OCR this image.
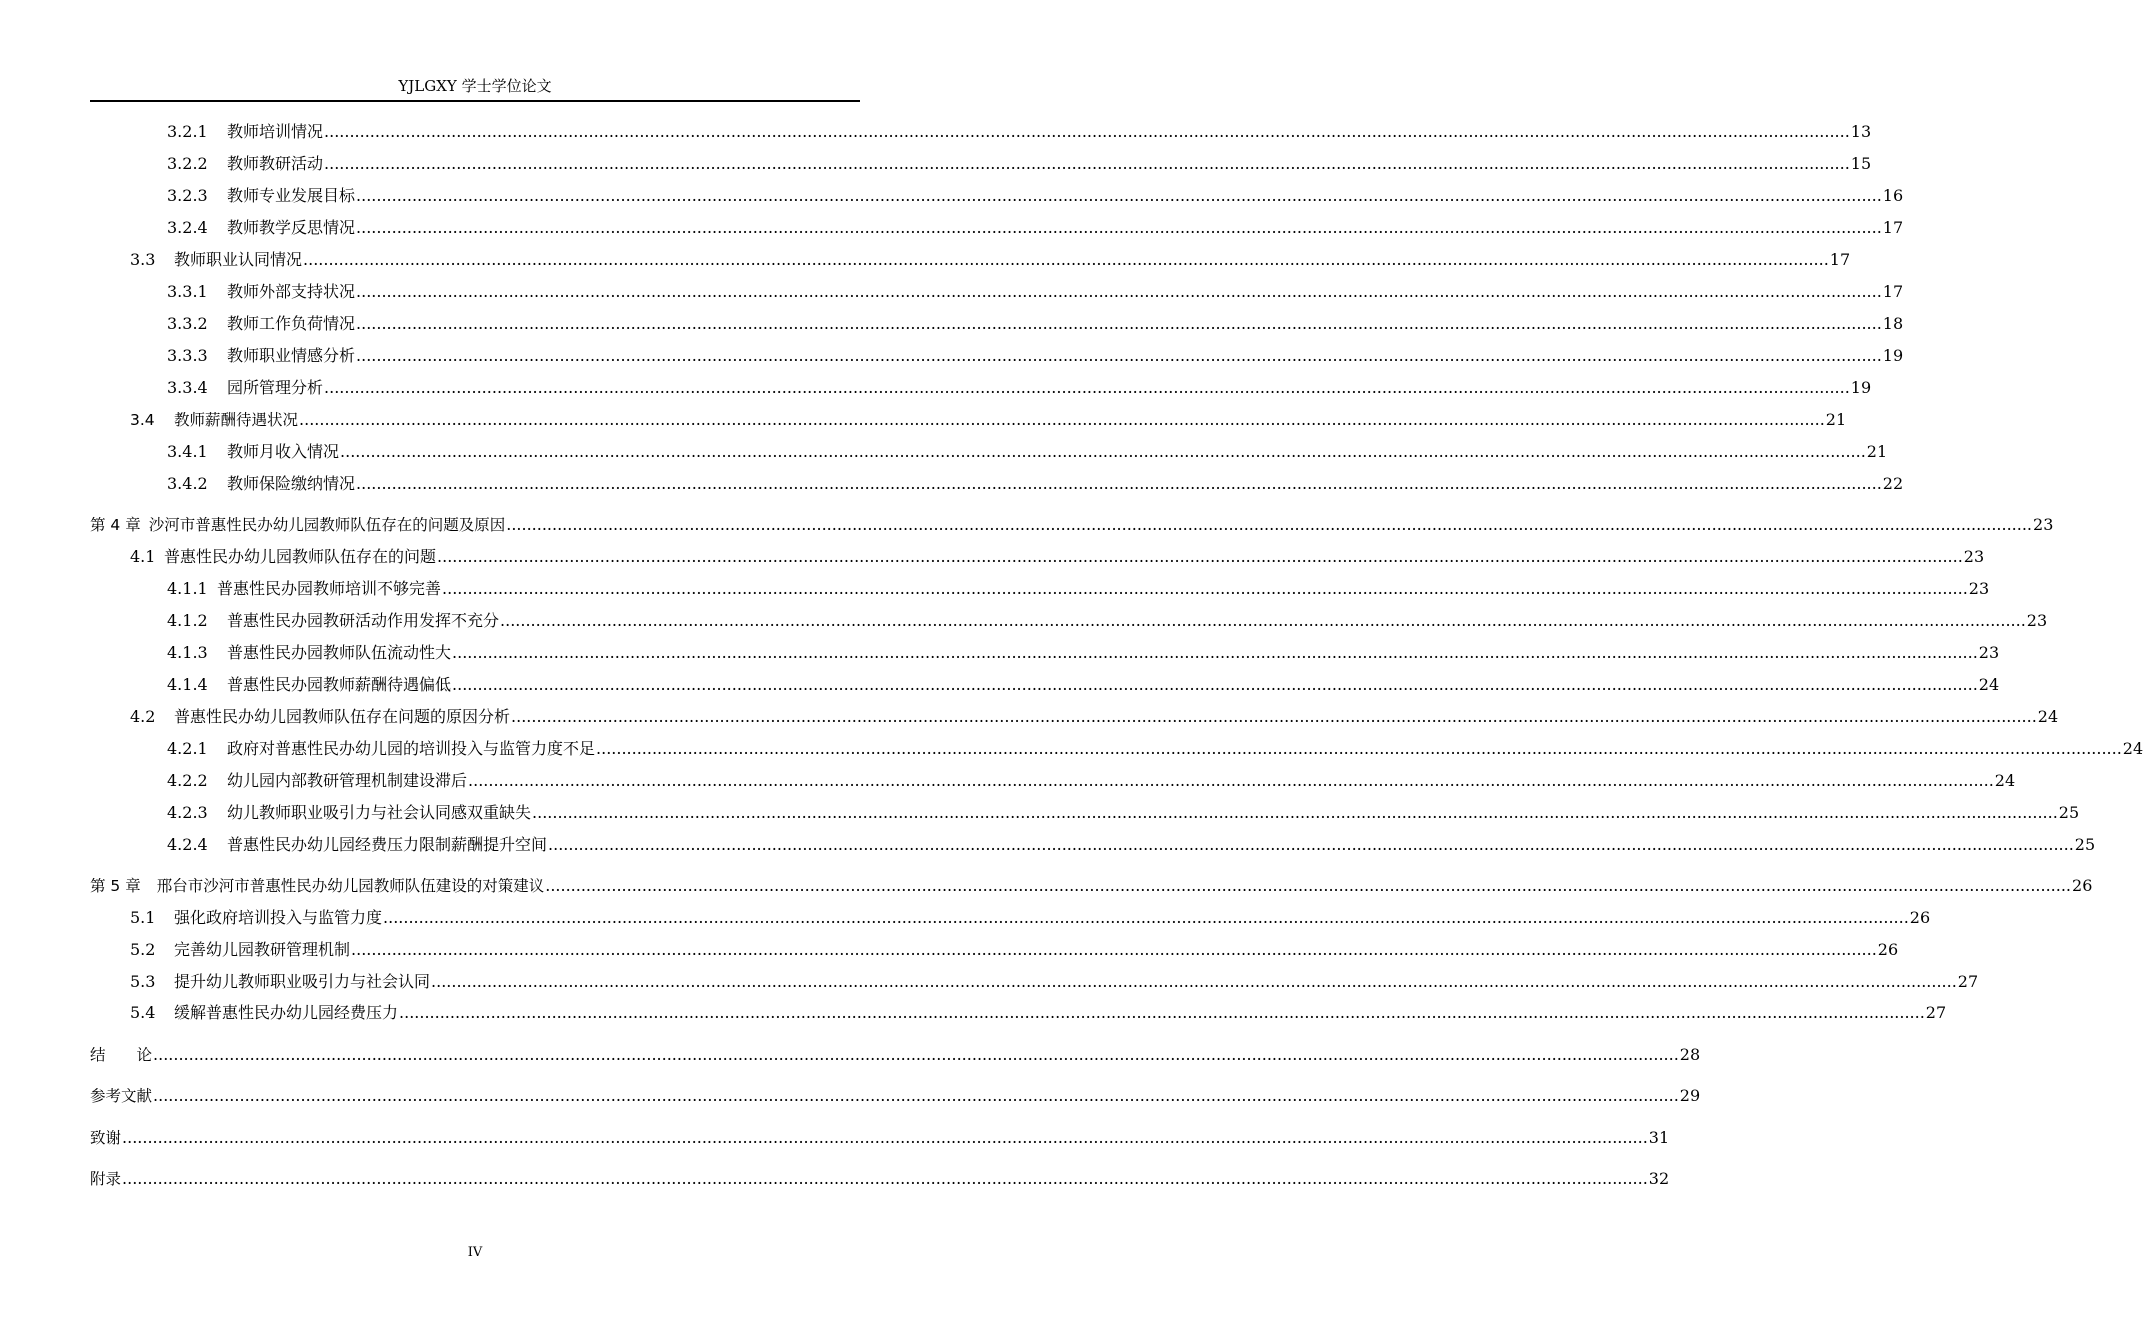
YJLGXY 学士学位论文
3.2.1	教师培训情况 ............................................................................................................................................................................................................................................................................................................ 13
3.2.2	教师教研活动 ............................................................................................................................................................................................................................................................................................................ 15
3.2.3	教师专业发展目标 ............................................................................................................................................................................................................................................................................................................ 16
3.2.4	教师教学反思情况 ............................................................................................................................................................................................................................................................................................................ 17
3.3	教师职业认同情况 ............................................................................................................................................................................................................................................................................................................ 17
3.3.1	教师外部支持状况 ............................................................................................................................................................................................................................................................................................................ 17
3.3.2	教师工作负荷情况 ............................................................................................................................................................................................................................................................................................................ 18
3.3.3	教师职业情感分析 ............................................................................................................................................................................................................................................................................................................ 19
3.3.4	园所管理分析 ............................................................................................................................................................................................................................................................................................................ 19
3.4	教师薪酬待遇状况 ............................................................................................................................................................................................................................................................................................................ 21
3.4.1	教师月收入情况 ............................................................................................................................................................................................................................................................................................................ 21
3.4.2	教师保险缴纳情况 ............................................................................................................................................................................................................................................................................................................ 22
第 4 章 沙河市普惠性民办幼儿园教师队伍存在的问题及原因 ............................................................................................................................................................................................................................................................................................................ 23
4.1 普惠性民办幼儿园教师队伍存在的问题 ............................................................................................................................................................................................................................................................................................................ 23
4.1.1 普惠性民办园教师培训不够完善 ............................................................................................................................................................................................................................................................................................................ 23
4.1.2	普惠性民办园教研活动作用发挥不充分 ............................................................................................................................................................................................................................................................................................................ 23
4.1.3	普惠性民办园教师队伍流动性大 ............................................................................................................................................................................................................................................................................................................ 23
4.1.4	普惠性民办园教师薪酬待遇偏低 ............................................................................................................................................................................................................................................................................................................ 24
4.2	普惠性民办幼儿园教师队伍存在问题的原因分析 ............................................................................................................................................................................................................................................................................................................ 24
4.2.1	政府对普惠性民办幼儿园的培训投入与监管力度不足 ............................................................................................................................................................................................................................................................................................................ 24
4.2.2	幼儿园内部教研管理机制建设滞后 ............................................................................................................................................................................................................................................................................................................ 24
4.2.3	幼儿教师职业吸引力与社会认同感双重缺失 ............................................................................................................................................................................................................................................................................................................ 25
4.2.4	普惠性民办幼儿园经费压力限制薪酬提升空间 ............................................................................................................................................................................................................................................................................................................ 25
第 5 章 邢台市沙河市普惠性民办幼儿园教师队伍建设的对策建议 ............................................................................................................................................................................................................................................................................................................ 26
5.1	强化政府培训投入与监管力度 ............................................................................................................................................................................................................................................................................................................ 26
5.2	完善幼儿园教研管理机制 ............................................................................................................................................................................................................................................................................................................ 26
5.3	提升幼儿教师职业吸引力与社会认同 ............................................................................................................................................................................................................................................................................................................ 27
5.4	缓解普惠性民办幼儿园经费压力 ............................................................................................................................................................................................................................................................................................................ 27
结　　论 ............................................................................................................................................................................................................................................................................................................ 28
参考文献 ............................................................................................................................................................................................................................................................................................................ 29
致谢 ............................................................................................................................................................................................................................................................................................................ 31
附录 ............................................................................................................................................................................................................................................................................................................ 32
IV
